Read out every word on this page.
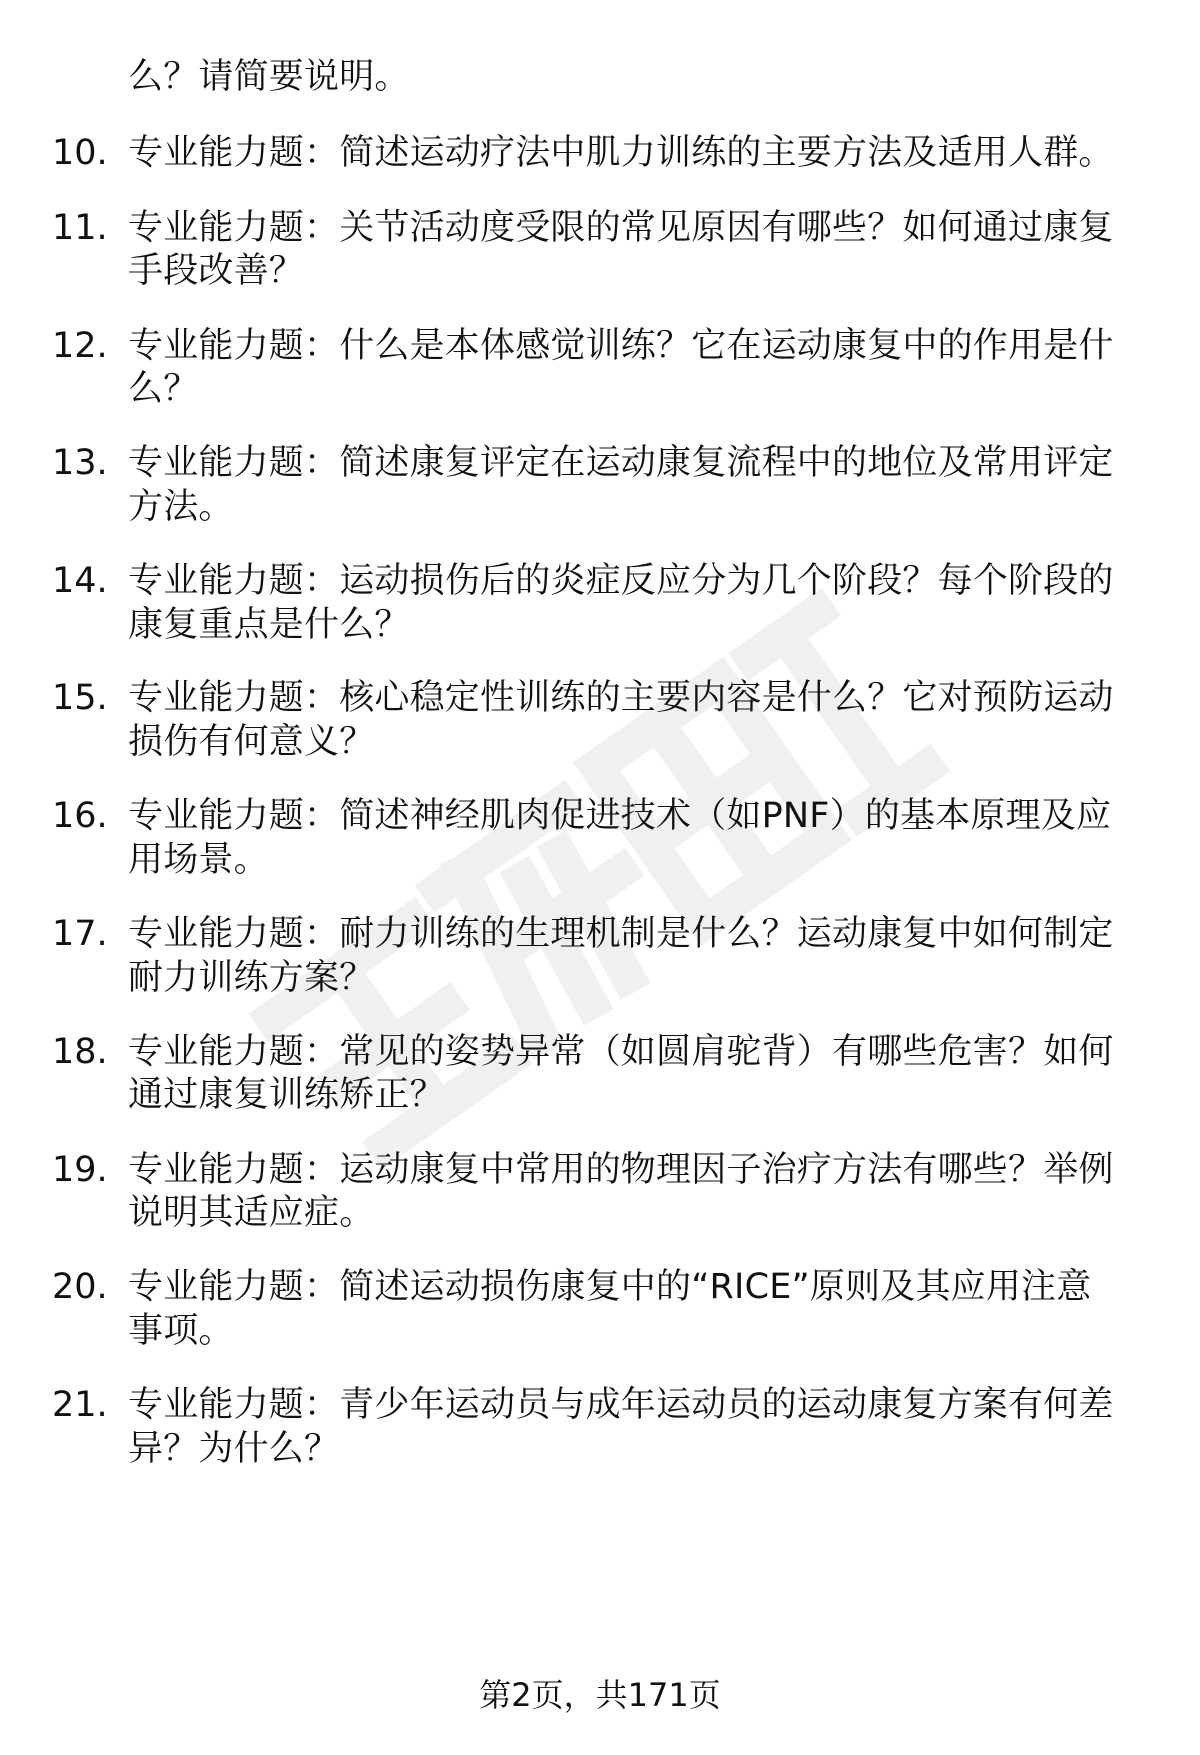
么？请简要说明。
10. 专业能力题：简述运动疗法中肌力训练的主要方法及适用人群。
11. 专业能力题：关节活动度受限的常见原因有哪些？如何通过康复
手段改善？
12. 专业能力题：什么是本体感觉训练？它在运动康复中的作用是什
么？
13. 专业能力题：简述康复评定在运动康复流程中的地位及常用评定
方法。
14. 专业能力题：运动损伤后的炎症反应分为几个阶段？每个阶段的
康复重点是什么？
15. 专业能力题：核心稳定性训练的主要内容是什么？它对预防运动
损伤有何意义？
16. 专业能力题：简述神经肌肉促进技术（如PNF）的基本原理及应
用场景。
17. 专业能力题：耐力训练的生理机制是什么？运动康复中如何制定
耐力训练方案？
18. 专业能力题：常见的姿势异常（如圆肩驼背）有哪些危害？如何
通过康复训练矫正？
19. 专业能力题：运动康复中常用的物理因子治疗方法有哪些？举例
说明其适应症。
20. 专业能力题：简述运动损伤康复中的“RICE”原则及其应用注意
事项。
21. 专业能力题：青少年运动员与成年运动员的运动康复方案有何差
异？为什么？
第2页，共171页
